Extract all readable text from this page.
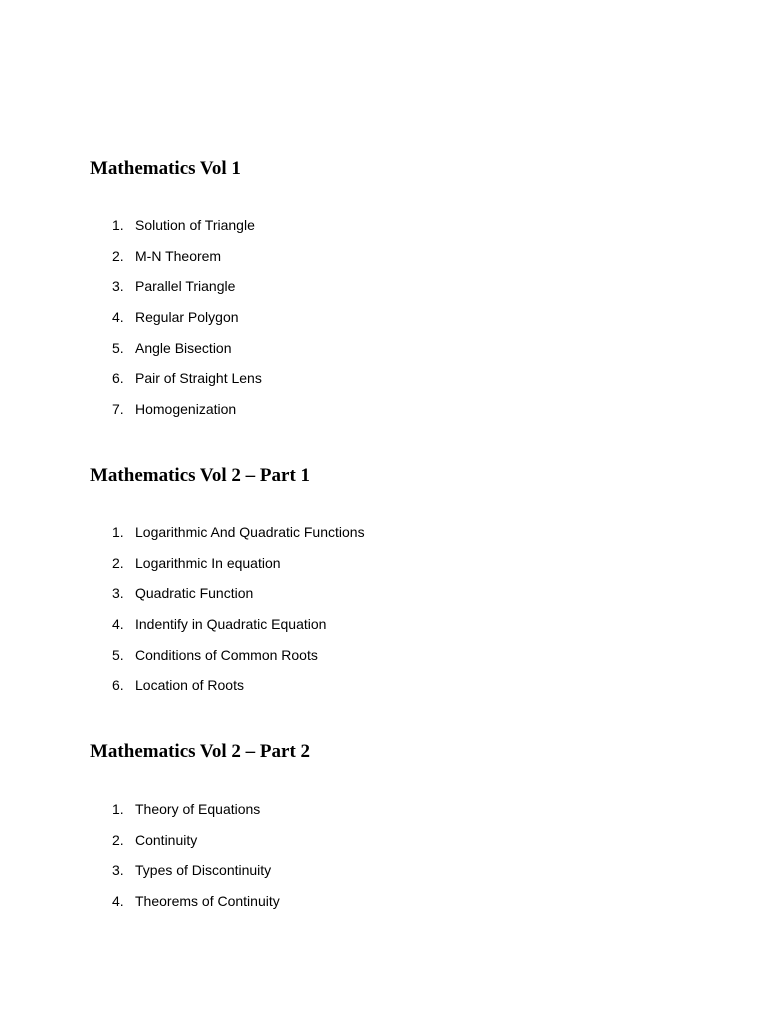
Mathematics Vol 1
1. Solution of Triangle
2. M-N Theorem
3. Parallel Triangle
4. Regular Polygon
5. Angle Bisection
6. Pair of Straight Lens
7. Homogenization
Mathematics Vol 2 – Part 1
1. Logarithmic And Quadratic Functions
2. Logarithmic In equation
3. Quadratic Function
4. Indentify in Quadratic Equation
5. Conditions of Common Roots
6. Location of Roots
Mathematics Vol 2 – Part 2
1. Theory of Equations
2. Continuity
3. Types of Discontinuity
4. Theorems of Continuity
